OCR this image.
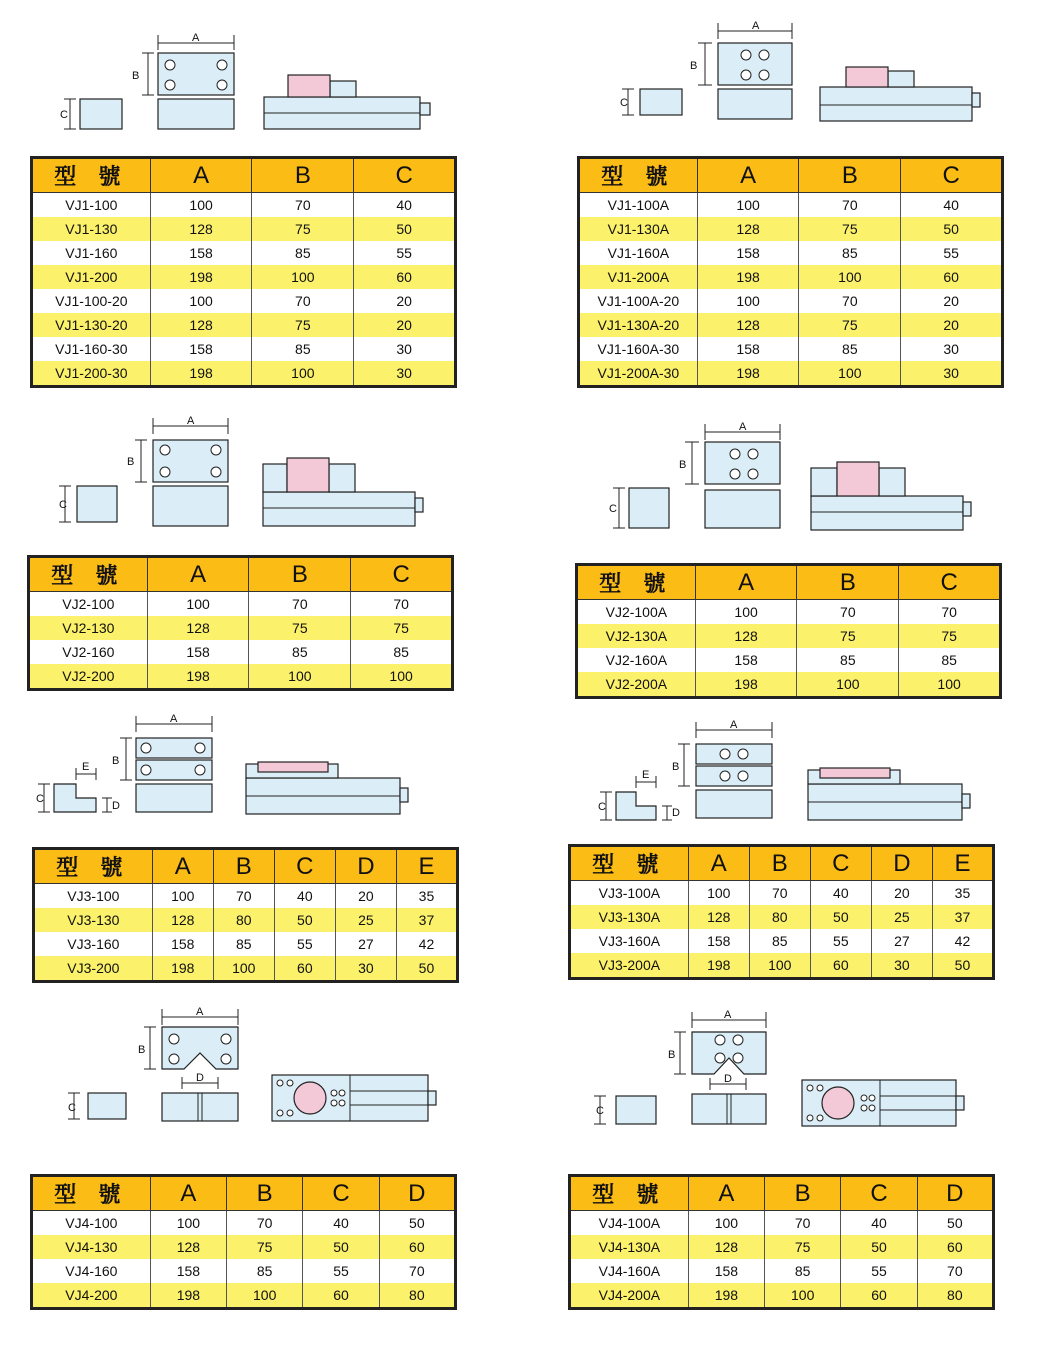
A
B
C
型 號	A	B	C
VJ1-100	100	70	40
VJ1-130	128	75	50
VJ1-160	158	85	55
VJ1-200	198	100	60
VJ1-100-20	100	70	20
VJ1-130-20	128	75	20
VJ1-160-30	158	85	30
VJ1-200-30	198	100	30
A
B
C
型 號	A	B	C
VJ1-100A	100	70	40
VJ1-130A	128	75	50
VJ1-160A	158	85	55
VJ1-200A	198	100	60
VJ1-100A-20	100	70	20
VJ1-130A-20	128	75	20
VJ1-160A-30	158	85	30
VJ1-200A-30	198	100	30
A
B
C
型 號	A	B	C
VJ2-100	100	70	70
VJ2-130	128	75	75
VJ2-160	158	85	85
VJ2-200	198	100	100
A
B
C
型 號	A	B	C
VJ2-100A	100	70	70
VJ2-130A	128	75	75
VJ2-160A	158	85	85
VJ2-200A	198	100	100
A
B
E
C
D
型 號	A	B	C	D	E
VJ3-100	100	70	40	20	35
VJ3-130	128	80	50	25	37
VJ3-160	158	85	55	27	42
VJ3-200	198	100	60	30	50
A
B
E
C	D
型 號	A	B	C	D	E
VJ3-100A	100	70	40	20	35
VJ3-130A	128	80	50	25	37
VJ3-160A	158	85	55	27	42
VJ3-200A	198	100	60	30	50
A
B
D
C
型 號	A	B	C	D
VJ4-100	100	70	40	50
VJ4-130	128	75	50	60
VJ4-160	158	85	55	70
VJ4-200	198	100	60	80
A
B
D
C
型 號	A	B	C	D
VJ4-100A	100	70	40	50
VJ4-130A	128	75	50	60
VJ4-160A	158	85	55	70
VJ4-200A	198	100	60	80
